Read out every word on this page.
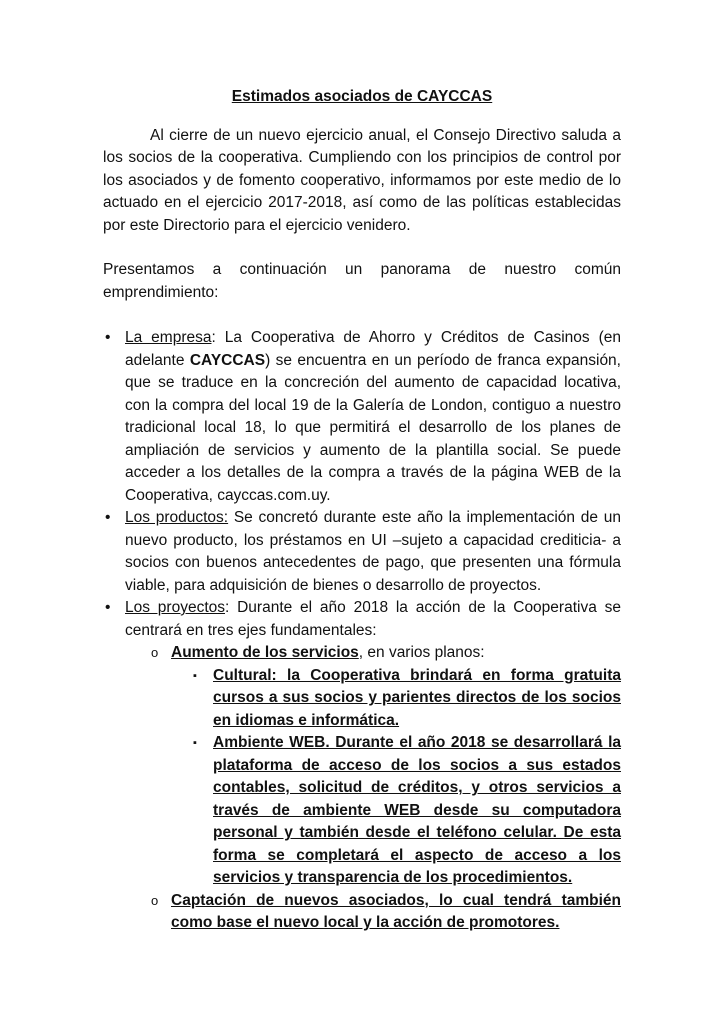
Estimados asociados de CAYCCAS

Al cierre de un nuevo ejercicio anual, el Consejo Directivo saluda a los socios de la cooperativa. Cumpliendo con los principios de control por los asociados y de fomento cooperativo, informamos por este medio de lo actuado en el ejercicio 2017-2018, así como de las políticas establecidas por este Directorio para el ejercicio venidero.

Presentamos a continuación un panorama de nuestro común

emprendimiento:

• La empresa: La Cooperativa de Ahorro y Créditos de Casinos (en adelante CAYCCAS) se encuentra en un período de franca expansión, que se traduce en la concreción del aumento de capacidad locativa, con la compra del local 19 de la Galería de London, contiguo a nuestro tradicional local 18, lo que permitirá el desarrollo de los planes de ampliación de servicios y aumento de la plantilla social. Se puede acceder a los detalles de la compra a través de la página WEB de la Cooperativa, cayccas.com.uy.
• Los productos: Se concretó durante este año la implementación de un nuevo producto, los préstamos en UI –sujeto a capacidad crediticia- a socios con buenos antecedentes de pago, que presenten una fórmula viable, para adquisición de bienes o desarrollo de proyectos.
• Los proyectos: Durante el año 2018 la acción de la Cooperativa se centrará en tres ejes fundamentales:
o Aumento de los servicios, en varios planos:
▪ Cultural: la Cooperativa brindará en forma gratuita cursos a sus socios y parientes directos de los socios en idiomas e informática.
▪ Ambiente WEB. Durante el año 2018 se desarrollará la plataforma de acceso de los socios a sus estados contables, solicitud de créditos, y otros servicios a través de ambiente WEB desde su computadora personal y también desde el teléfono celular. De esta forma se completará el aspecto de acceso a los servicios y transparencia de los procedimientos.
o Captación de nuevos asociados, lo cual tendrá también como base el nuevo local y la acción de promotores.
